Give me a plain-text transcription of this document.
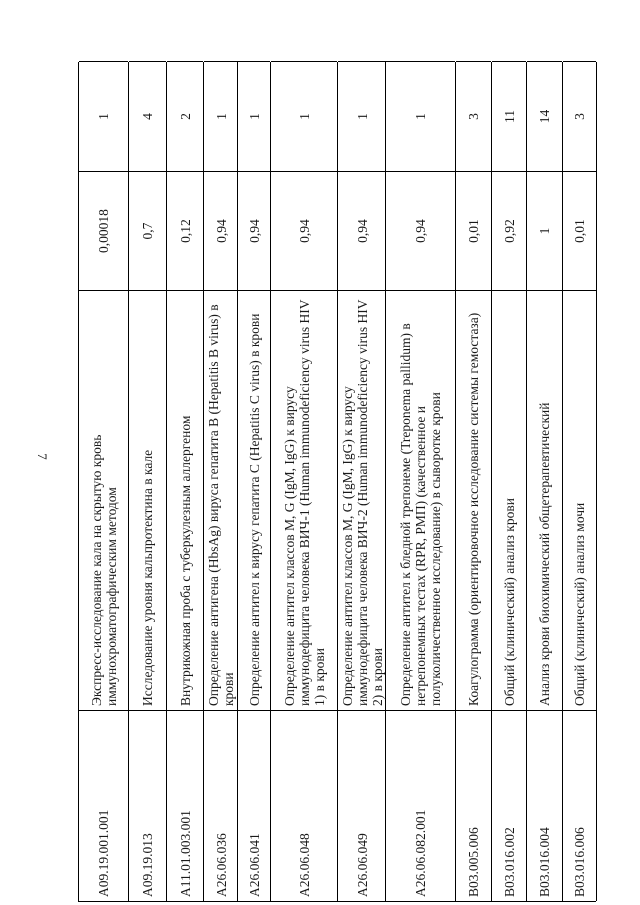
7
A09.19.001.001
Экспресс-исследование кала на скрытую кровь иммунохроматографическим методом
0,00018
1
A09.19.013
Исследование уровня кальпротектина в кале
0,7
4
A11.01.003.001
Внутрикожная проба с туберкулезным аллергеном
0,12
2
A26.06.036
Определение антигена (HbsAg) вируса гепатита B (Hepatitis B virus) в крови
0,94
1
A26.06.041
Определение антител к вирусу гепатита C (Hepatitis C virus) в крови
0,94
1
A26.06.048
Определение антител классов M, G (IgM, IgG) к вирусу иммунодефицита человека ВИЧ-1 (Human immunodeficiency virus HIV 1) в крови
0,94
1
A26.06.049
Определение антител классов M, G (IgM, IgG) к вирусу иммунодефицита человека ВИЧ-2 (Human immunodeficiency virus HIV 2) в крови
0,94
1
A26.06.082.001
Определение антител к бледной трепонеме (Treponema pallidum) в нетрепонемных тестах (RPR, PMП) (качественное и полуколичественное исследование) в сыворотке крови
0,94
1
B03.005.006
Коагулограмма (ориентировочное исследование системы гемостаза)
0,01
3
B03.016.002
Общий (клинический) анализ крови
0,92
11
B03.016.004
Анализ крови биохимический общетерапевтический
1
14
B03.016.006
Общий (клинический) анализ мочи
0,01
3
